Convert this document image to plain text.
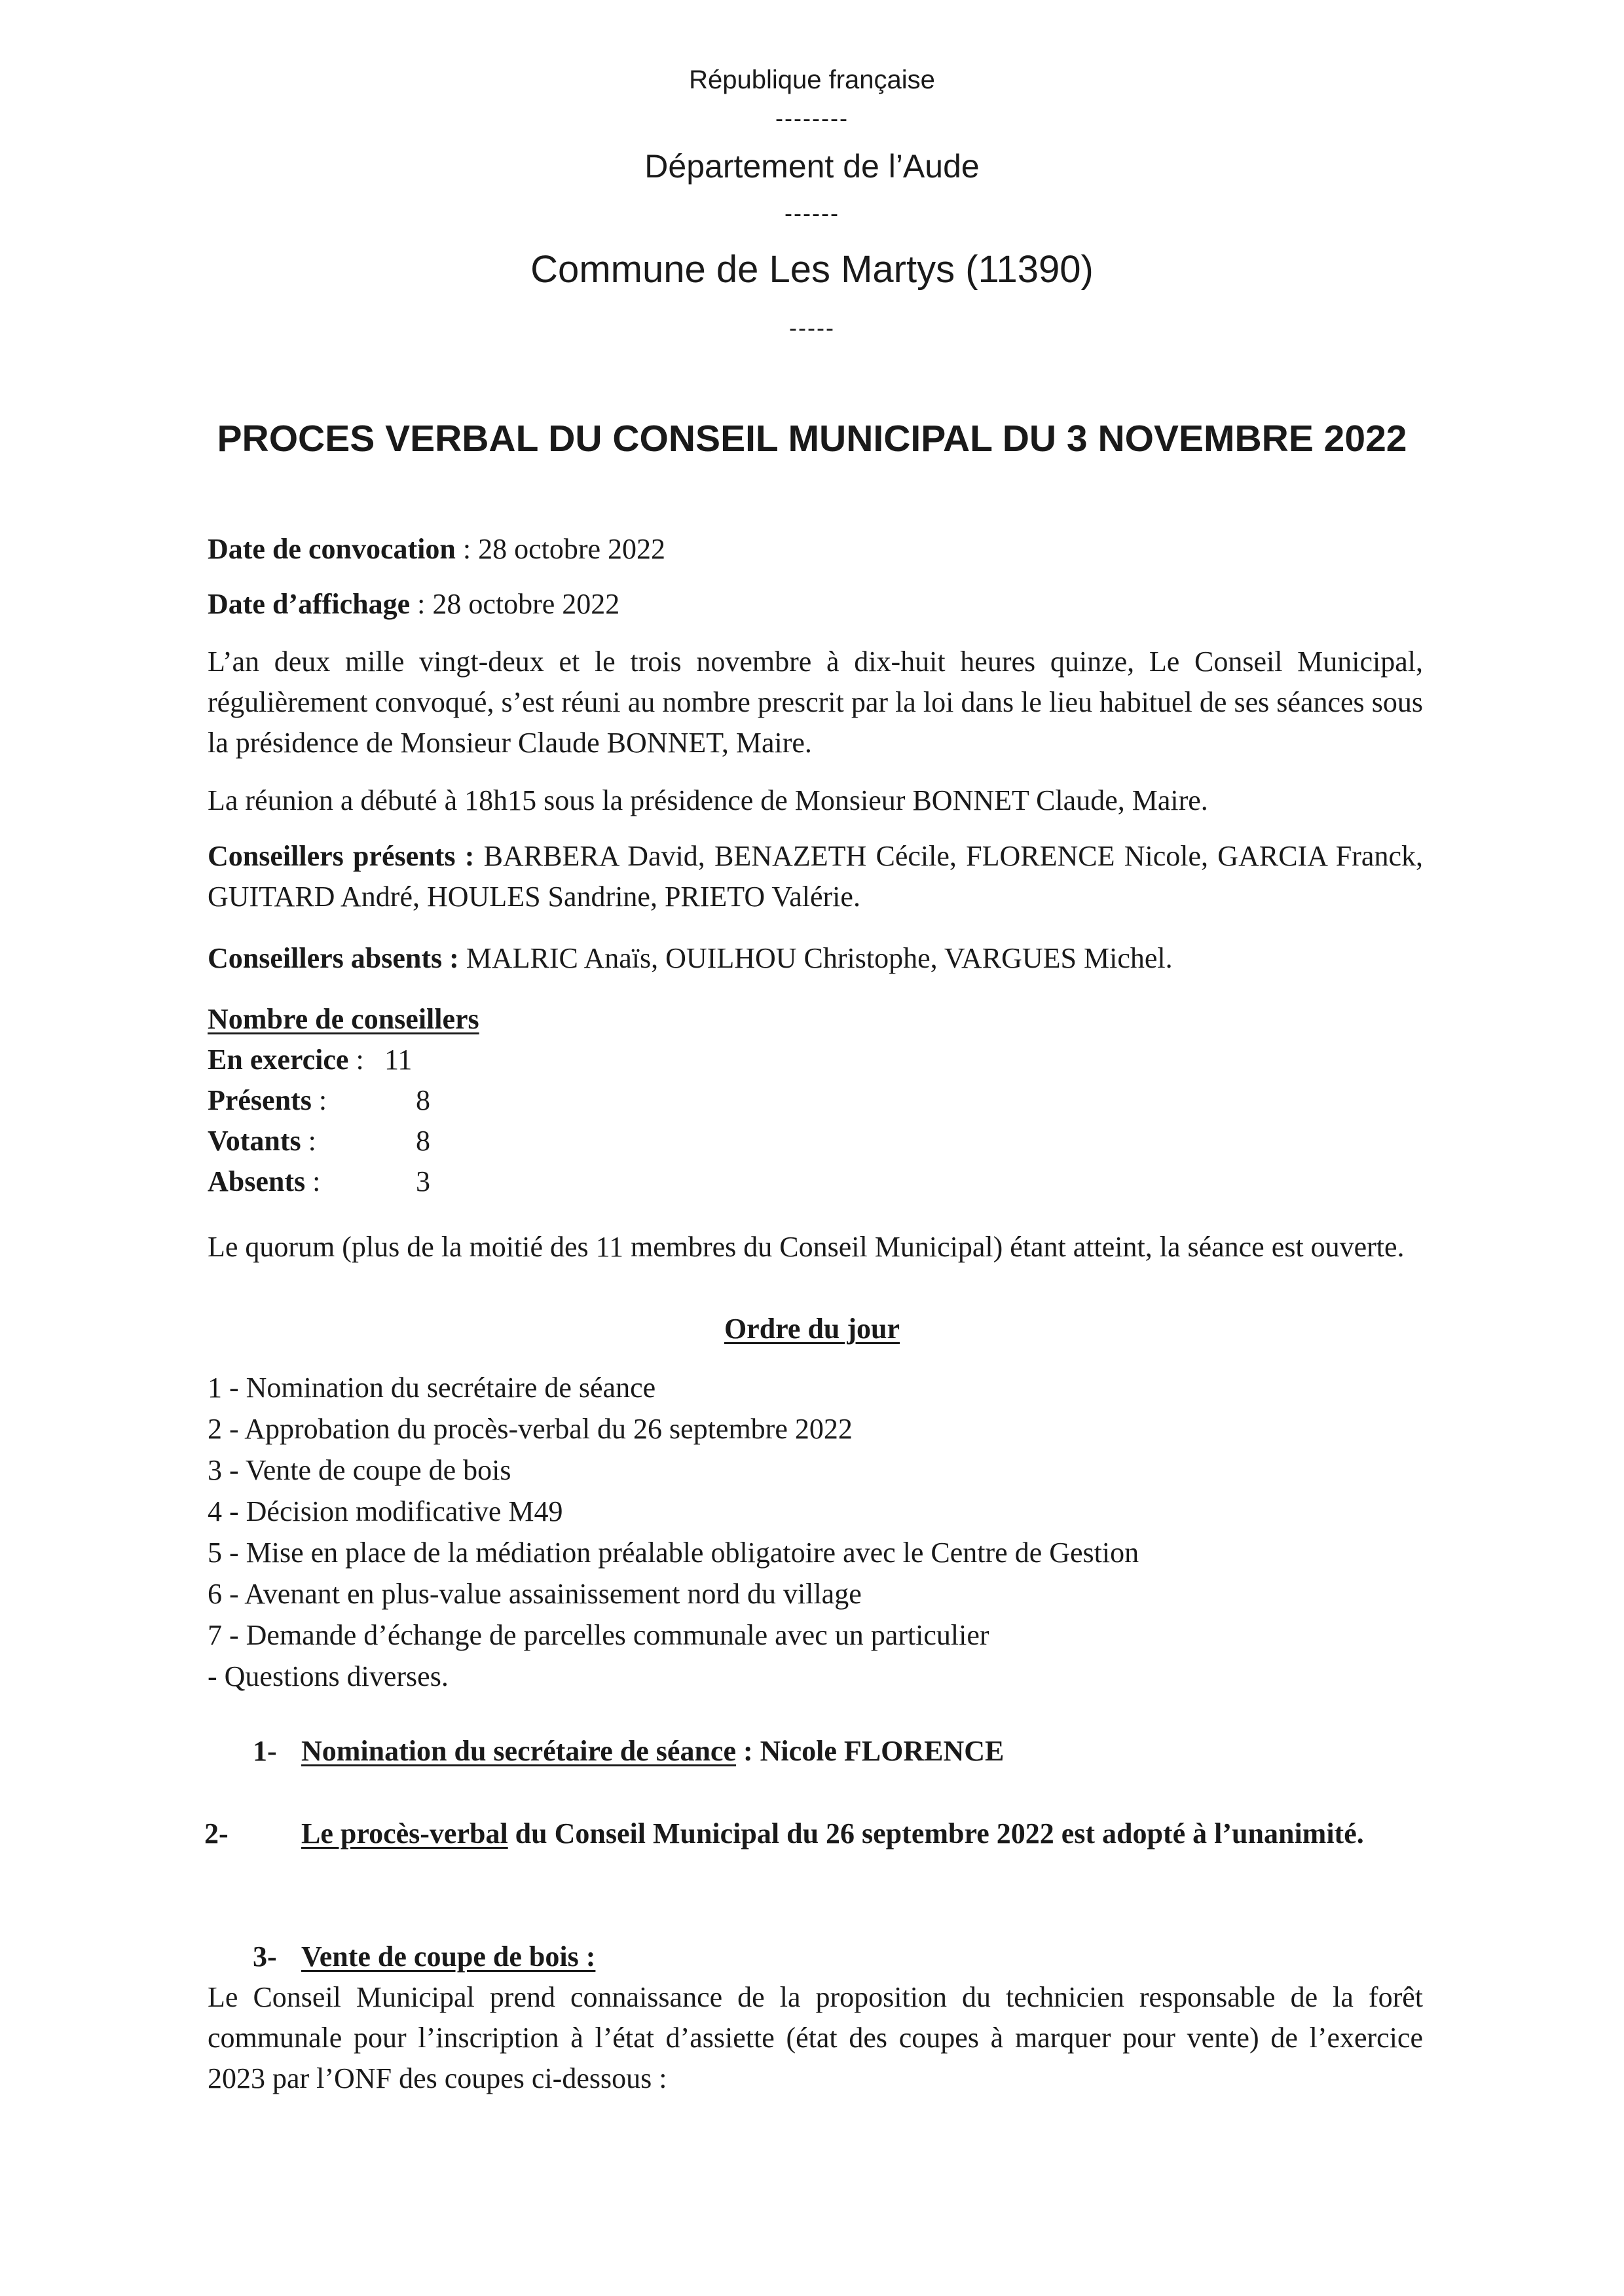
République française
--------
Département de l’Aude
------
Commune de Les Martys (11390)
-----
PROCES VERBAL DU CONSEIL MUNICIPAL DU 3 NOVEMBRE 2022
Date de convocation : 28 octobre 2022
Date d’affichage : 28 octobre 2022

L’an deux mille vingt-deux et le trois novembre à dix-huit heures quinze, Le Conseil Municipal, régulièrement convoqué, s’est réuni au nombre prescrit par la loi dans le lieu habituel de ses séances sous la présidence de Monsieur Claude BONNET, Maire.

La réunion a débuté à 18h15 sous la présidence de Monsieur BONNET Claude, Maire.

Conseillers présents : BARBERA David, BENAZETH Cécile, FLORENCE Nicole, GARCIA Franck, GUITARD André, HOULES Sandrine, PRIETO Valérie.

Conseillers absents : MALRIC Anaïs, OUILHOU Christophe, VARGUES Michel.

Nombre de conseillers
En exercice : 11
Présents :	8
Votants :	8
Absents :	3

Le quorum (plus de la moitié des 11 membres du Conseil Municipal) étant atteint, la séance est ouverte.

Ordre du jour
1 - Nomination du secrétaire de séance
2 - Approbation du procès-verbal du 26 septembre 2022
3 - Vente de coupe de bois
4 - Décision modificative M49
5 - Mise en place de la médiation préalable obligatoire avec le Centre de Gestion
6 - Avenant en plus-value assainissement nord du village
7 - Demande d’échange de parcelles communale avec un particulier
- Questions diverses.
1- Nomination du secrétaire de séance : Nicole FLORENCE
2-	Le procès-verbal du Conseil Municipal du 26 septembre 2022 est adopté à l’unanimité.
3- Vente de coupe de bois :

Le Conseil Municipal prend connaissance de la proposition du technicien responsable de la forêt communale pour l’inscription à l’état d’assiette (état des coupes à marquer pour vente) de l’exercice 2023 par l’ONF des coupes ci-dessous :
